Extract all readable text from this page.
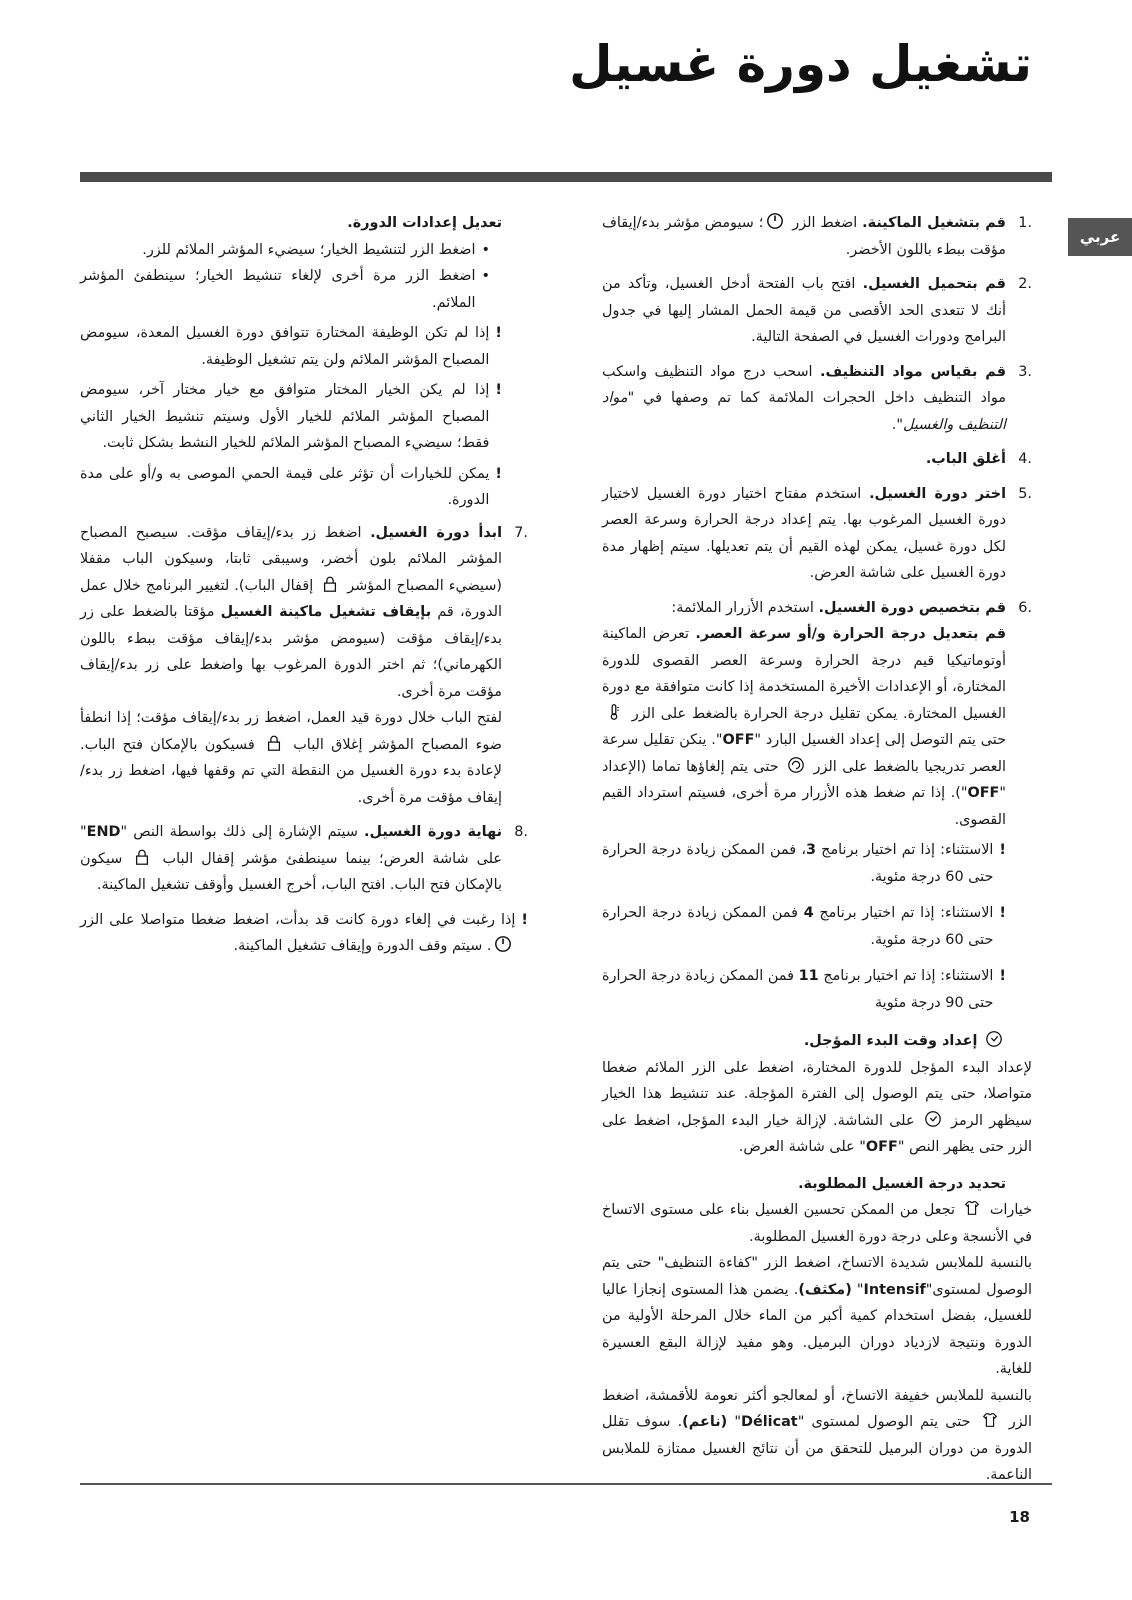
تشغيل دورة غسيل
عربي
.1
قم بتشغيل الماكينة. اضغط الزر
؛ سيومض مؤشر بدء/إيقاف مؤقت ببطء باللون الأخضر.
.2
قم بتحميل الغسيل. افتح باب الفتحة أدخل الغسيل، وتأكد من أنك لا تتعدى الحد الأقصى من قيمة الحمل المشار إليها في جدول البرامج ودورات الغسيل في الصفحة التالية.
.3
قم بقياس مواد التنظيف. اسحب درج مواد التنظيف واسكب مواد التنظيف داخل الحجرات الملائمة كما تم وصفها في "مواد التنظيف والغسيل".
.4
أغلق الباب.
.5
اختر دورة الغسيل. استخدم مفتاح اختيار دورة الغسيل لاختيار دورة الغسيل المرغوب بها. يتم إعداد درجة الحرارة وسرعة العصر لكل دورة غسيل، يمكن لهذه القيم أن يتم تعديلها. سيتم إظهار مدة دورة الغسيل على شاشة العرض.
.6
قم بتخصيص دورة الغسيل. استخدم الأزرار الملائمة:
قم بتعديل درجة الحرارة و/أو سرعة العصر. تعرض الماكينة أوتوماتيكيا قيم درجة الحرارة وسرعة العصر القصوى للدورة المختارة، أو الإعدادات الأخيرة المستخدمة إذا كانت متوافقة مع دورة الغسيل المختارة. يمكن تقليل درجة الحرارة بالضغط على الزر
حتى يتم التوصل إلى إعداد الغسيل البارد "OFF". ينكن تقليل سرعة العصر تدريجيا بالضغط على الزر
حتى يتم إلغاؤها تماما (الإعداد "OFF"). إذا تم ضغط هذه الأزرار مرة أخرى، فسيتم استرداد القيم القصوى.
!
الاستثناء: إذا تم اختيار برنامج 3، فمن الممكن زيادة درجة الحرارة حتى 60 درجة مئوية.
!
الاستثناء: إذا تم اختيار برنامج 4 فمن الممكن زيادة درجة الحرارة حتى 60 درجة مئوية.
!
الاستثناء: إذا تم اختيار برنامج 11 فمن الممكن زيادة درجة الحرارة حتى 90 درجة مئوية
إعداد وقت البدء المؤجل.
لإعداد البدء المؤجل للدورة المختارة، اضغط على الزر الملائم ضغطا متواصلا، حتى يتم الوصول إلى الفترة المؤجلة. عند تنشيط هذا الخيار سيظهر الرمز
على الشاشة. لإزالة خيار البدء المؤجل، اضغط على الزر حتى يظهر النص "OFF" على شاشة العرض.
تحديد درجة الغسيل المطلوبة.
خيارات
تجعل من الممكن تحسين الغسيل بناء على مستوى الاتساخ في الأنسجة وعلى درجة دورة الغسيل المطلوبة.
بالنسبة للملابس شديدة الاتساخ، اضغط الزر "كفاءة التنظيف" حتى يتم الوصول لمستوى"Intensif" (مكثف). يضمن هذا المستوى إنجازا عاليا للغسيل، بفضل استخدام كمية أكبر من الماء خلال المرحلة الأولية من الدورة ونتيجة لازدياد دوران البرميل. وهو مفيد لإزالة البقع العسيرة للغاية.
بالنسبة للملابس خفيفة الاتساخ، أو لمعالجو أكثر نعومة للأقمشة، اضغط الزر
حتى يتم الوصول لمستوى "Délicat" (ناعم). سوف تقلل الدورة من دوران البرميل للتحقق من أن نتائج الغسيل ممتازة للملابس الناعمة.
تعديل إعدادات الدورة.
•
اضغط الزر لتنشيط الخيار؛ سيضيء المؤشر الملائم للزر.
•
اضغط الزر مرة أخرى لإلغاء تنشيط الخيار؛ سينطفئ المؤشر الملائم.
!
إذا لم تكن الوظيفة المختارة تتوافق دورة الغسيل المعدة، سيومض المصباح المؤشر الملائم ولن يتم تشغيل الوظيفة.
!
إذا لم يكن الخيار المختار متوافق مع خيار مختار آخر، سيومض المصباح المؤشر الملائم للخيار الأول وسيتم تنشيط الخيار الثاني فقط؛ سيضيء المصباح المؤشر الملائم للخيار النشط بشكل ثابت.
!
يمكن للخيارات أن تؤثر على قيمة الحمي الموصى به و/أو على مدة الدورة.
.7
ابدأ دورة الغسيل. اضغط زر بدء/إيقاف مؤقت. سيصبح المصباح المؤشر الملائم بلون أخضر، وسيبقى ثابتا، وسيكون الباب مقفلا (سيضيء المصباح المؤشر
إقفال الباب). لتغيير البرنامج خلال عمل الدورة، قم بإيقاف تشغيل ماكينة الغسيل مؤقتا بالضغط على زر بدء/إيقاف مؤقت (سيومض مؤشر بدء/إيقاف مؤقت ببطء باللون الكهرماني)؛ ثم اختر الدورة المرغوب بها واضغط على زر بدء/إيقاف مؤقت مرة أخرى.
لفتح الباب خلال دورة قيد العمل، اضغط زر بدء/إيقاف مؤقت؛ إذا انطفأ ضوء المصباح المؤشر إغلاق الباب
فسيكون بالإمكان فتح الباب. لإعادة بدء دورة الغسيل من النقطة التي تم وقفها فيها، اضغط زر بدء/إيقاف مؤقت مرة أخرى.
.8
نهاية دورة الغسيل. سيتم الإشارة إلى ذلك بواسطة النص "END" على شاشة العرض؛ بينما سينطفئ مؤشر إقفال الباب
سيكون بالإمكان فتح الباب. افتح الباب، أخرج الغسيل وأوقف تشغيل الماكينة.
!
إذا رغبت في إلغاء دورة كانت قد بدأت، اضغط ضغطا متواصلا على الزر
. سيتم وقف الدورة وإيقاف تشغيل الماكينة.
18
